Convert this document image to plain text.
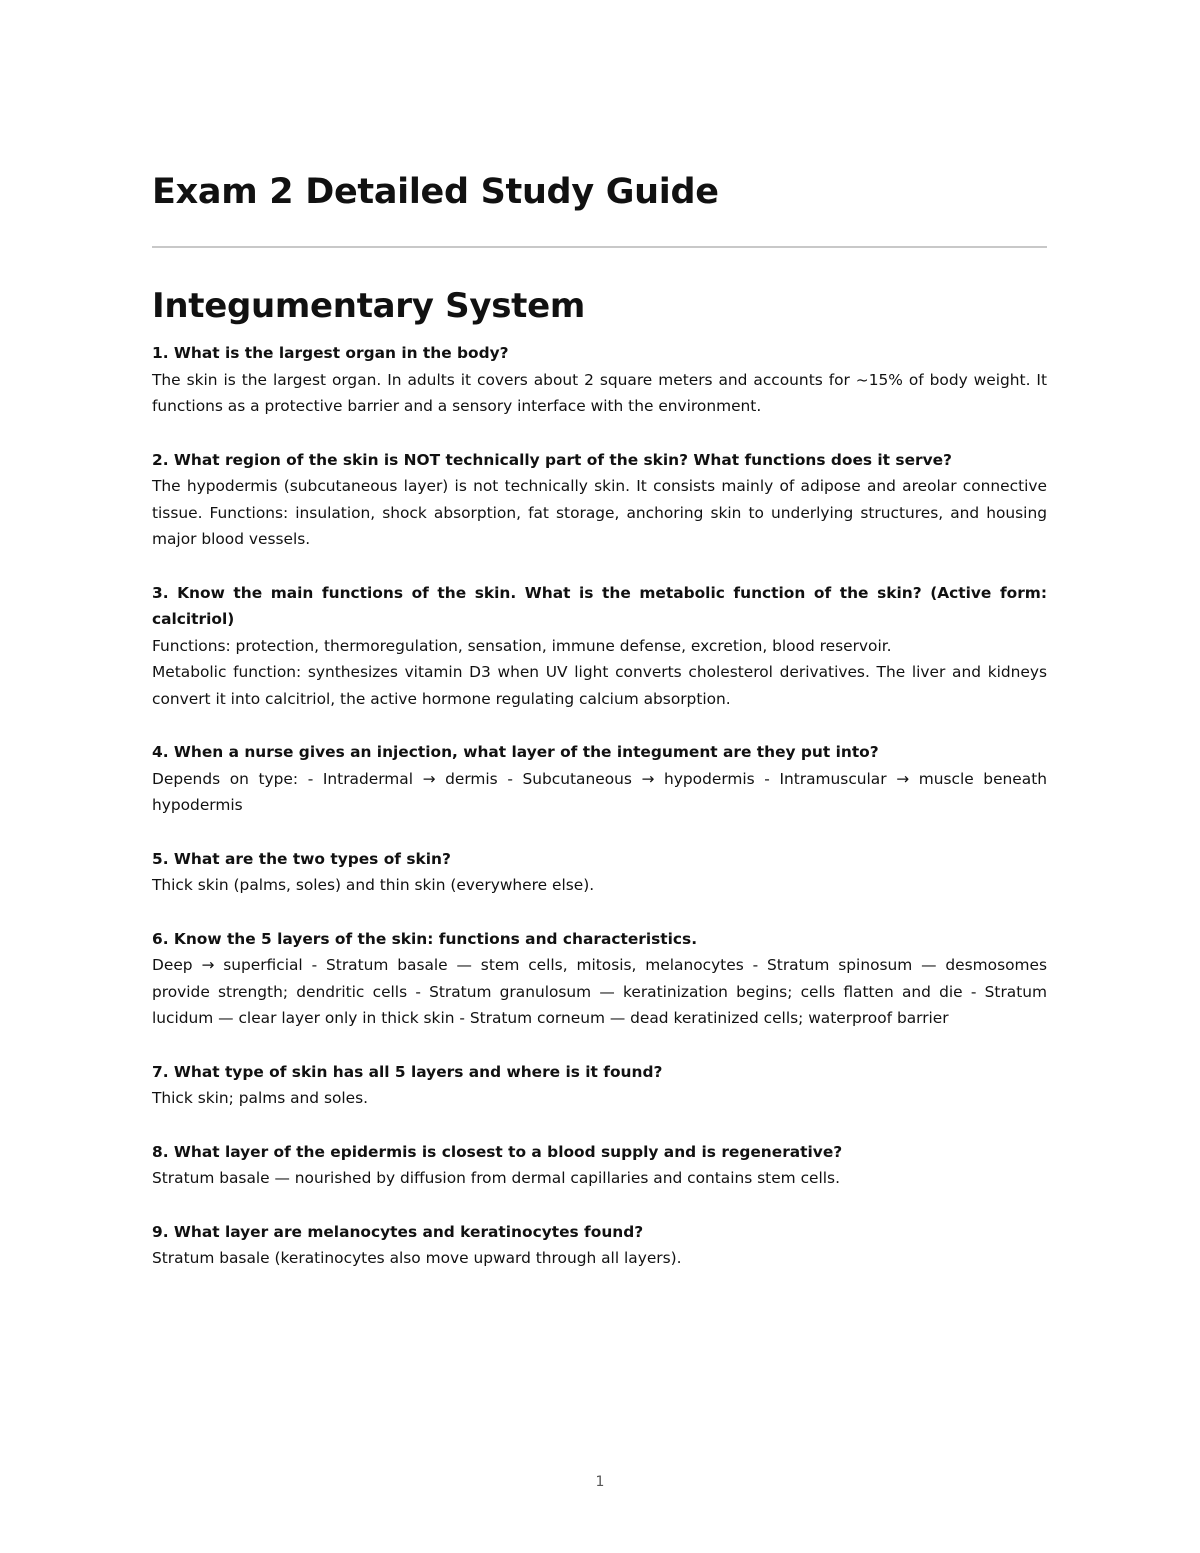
Exam 2 Detailed Study Guide
Integumentary System
1. What is the largest organ in the body?
The skin is the largest organ. In adults it covers about 2 square meters and accounts for ~15% of body weight. It functions as a protective barrier and a sensory interface with the environment.
2. What region of the skin is NOT technically part of the skin? What functions does it serve?
The hypodermis (subcutaneous layer) is not technically skin. It consists mainly of adipose and areolar connective tissue. Functions: insulation, shock absorption, fat storage, anchoring skin to underlying structures, and housing major blood vessels.
3. Know the main functions of the skin. What is the metabolic function of the skin? (Active form: calcitriol)
Functions: protection, thermoregulation, sensation, immune defense, excretion, blood reservoir.
Metabolic function: synthesizes vitamin D3 when UV light converts cholesterol derivatives. The liver and kidneys convert it into calcitriol, the active hormone regulating calcium absorption.
4. When a nurse gives an injection, what layer of the integument are they put into?
Depends on type: - Intradermal → dermis - Subcutaneous → hypodermis - Intramuscular → muscle beneath hypodermis
5. What are the two types of skin?
Thick skin (palms, soles) and thin skin (everywhere else).
6. Know the 5 layers of the skin: functions and characteristics.
Deep → superficial - Stratum basale — stem cells, mitosis, melanocytes - Stratum spinosum — desmosomes provide strength; dendritic cells - Stratum granulosum — keratinization begins; cells flatten and die - Stratum lucidum — clear layer only in thick skin - Stratum corneum — dead keratinized cells; waterproof barrier
7. What type of skin has all 5 layers and where is it found?
Thick skin; palms and soles.
8. What layer of the epidermis is closest to a blood supply and is regenerative?
Stratum basale — nourished by diffusion from dermal capillaries and contains stem cells.
9. What layer are melanocytes and keratinocytes found?
Stratum basale (keratinocytes also move upward through all layers).
1
